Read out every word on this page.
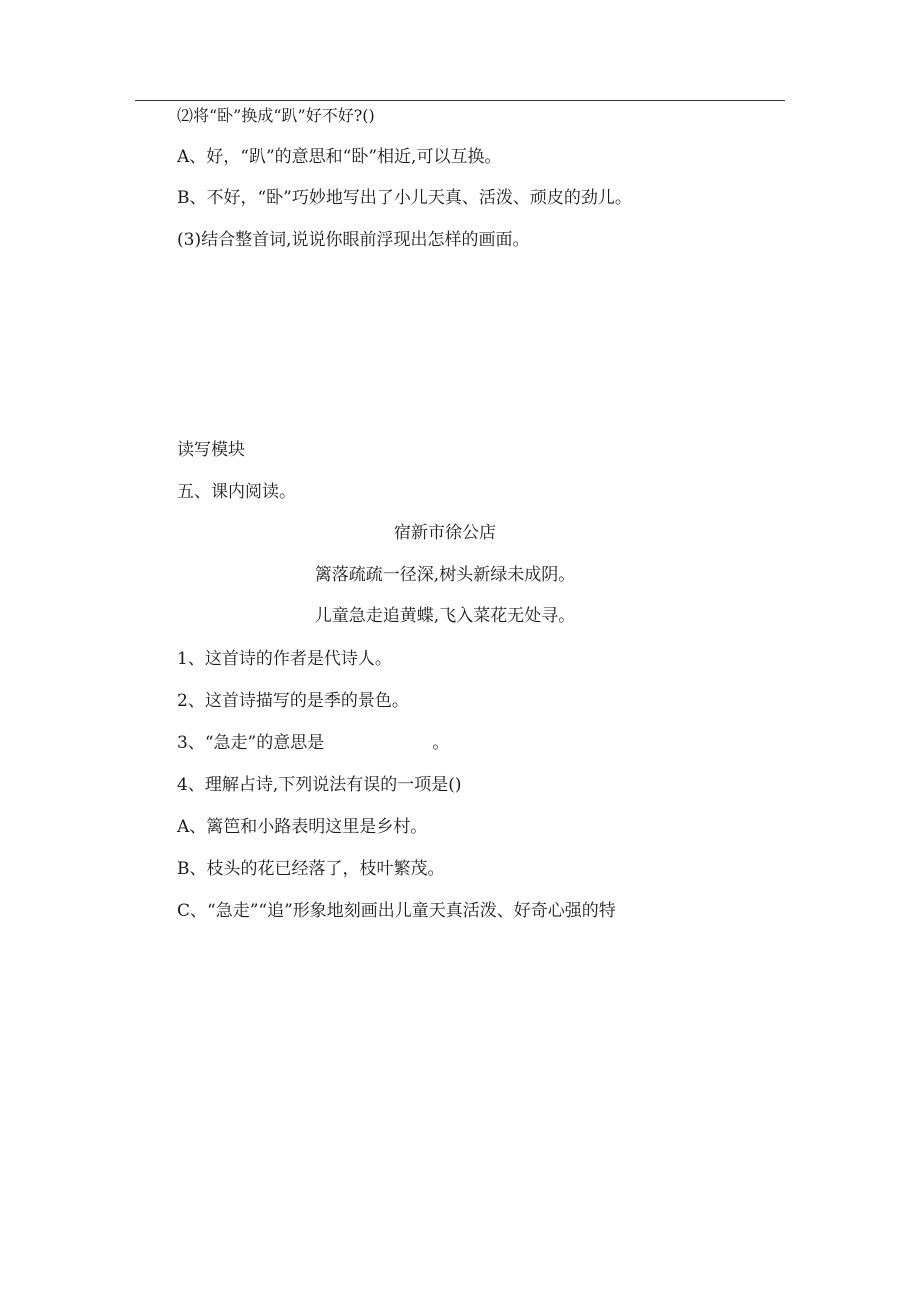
⑵将“卧”换成“趴”好不好?()
A、好，“趴”的意思和“卧”相近,可以互换。
B、不好，“卧”巧妙地写出了小儿天真、活泼、顽皮的劲儿。
(3)结合整首词,说说你眼前浮现出怎样的画面。
读写模块
五、课内阅读。
宿新市徐公店
篱落疏疏一径深,树头新绿未成阴。
儿童急走追黄蝶,飞入菜花无处寻。
1、这首诗的作者是代诗人。
2、这首诗描写的是季的景色。
3、“急走”的意思是                    。
4、理解占诗,下列说法有误的一项是()
A、篱笆和小路表明这里是乡村。
B、枝头的花已经落了，枝叶繁茂。
C、“急走”“追”形象地刻画出儿童天真活泼、好奇心强的特
